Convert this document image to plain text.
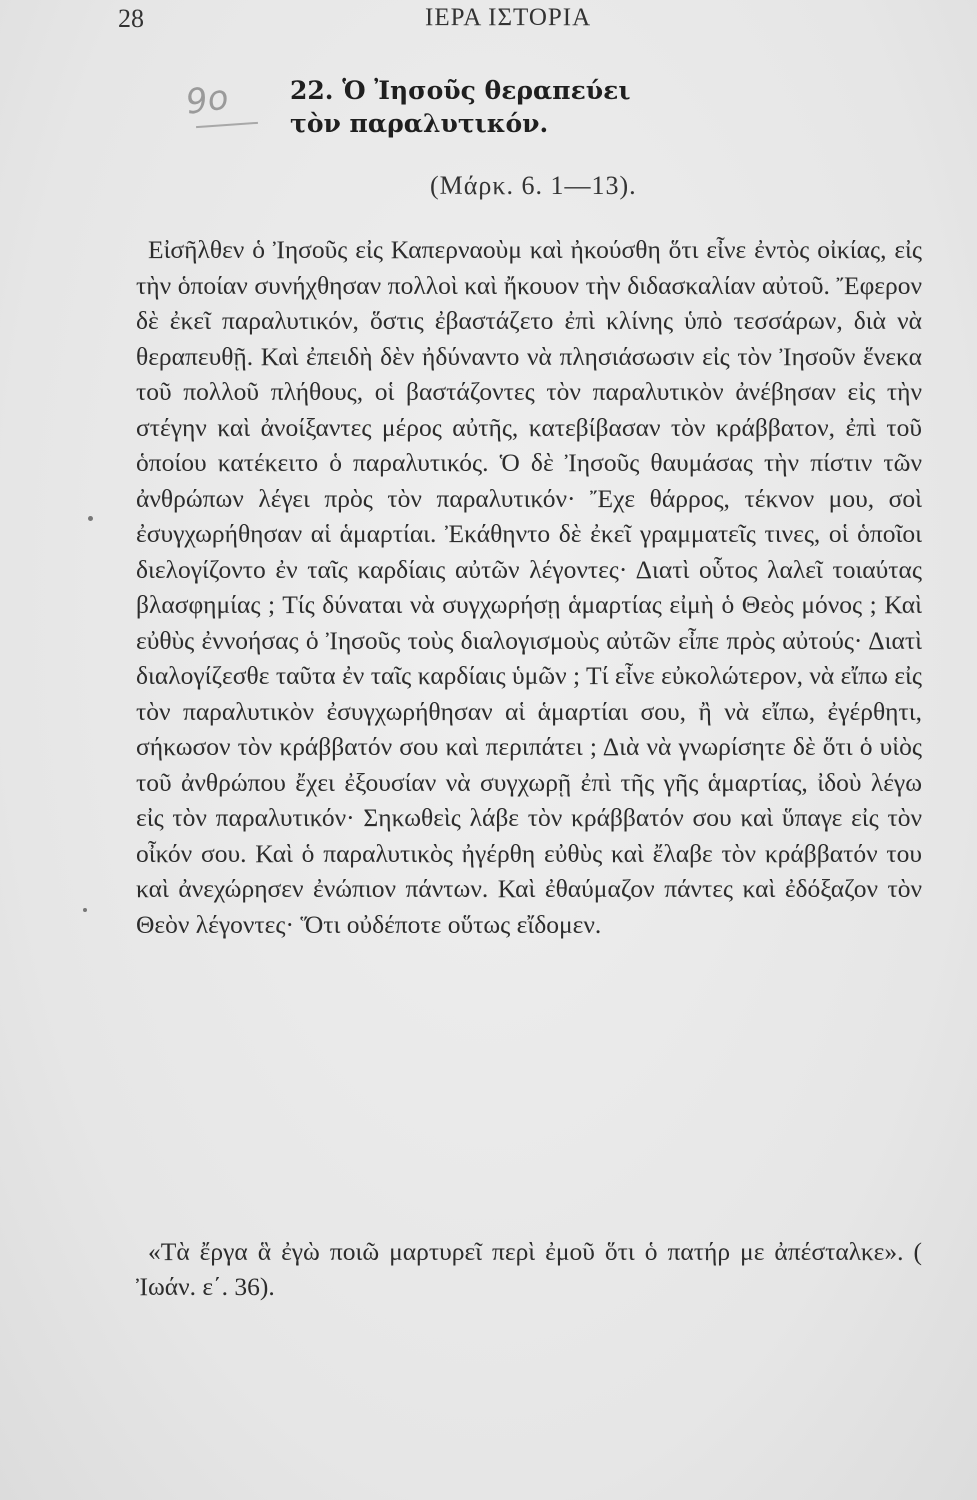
28	ΙΕΡΑ ΙΣΤΟΡΙΑ
9ο 22. Ὁ Ἰησοῦς θεραπεύει
τὸν παραλυτικόν.
(Μάρκ. 6. 1—13).

Εἰσῆλθεν ὁ Ἰησοῦς εἰς Καπερναοὺμ καὶ ἠκούσθη ὅτι εἶνε ἐντὸς οἰκίας, εἰς τὴν ὁποίαν συνήχθησαν πολλοὶ καὶ ἤκουον τὴν διδασκαλίαν αὐτοῦ. Ἔφερον δὲ ἐκεῖ παραλυτικόν, ὅστις ἐβαστάζετο ἐπὶ κλίνης ὑπὸ τεσσάρων, διὰ νὰ θεραπευθῇ. Καὶ ἐπειδὴ δὲν ἠδύναντο νὰ πλησιάσωσιν εἰς τὸν Ἰησοῦν ἕνεκα τοῦ πολλοῦ πλήθους, οἱ βαστάζοντες τὸν παραλυτικὸν ἀνέβησαν εἰς τὴν στέγην καὶ ἀνοίξαντες μέρος αὐτῆς, κατεβίβασαν τὸν κράββατον, ἐπὶ τοῦ ὁποίου κατέκειτο ὁ παραλυτικός. Ὁ δὲ Ἰησοῦς θαυμάσας τὴν πίστιν τῶν ἀνθρώπων λέγει πρὸς τὸν παραλυτικόν· Ἔχε θάρρος, τέκνον μου, σοὶ ἐσυγχωρήθησαν αἱ ἁμαρτίαι. Ἐκάθηντο δὲ ἐκεῖ γραμματεῖς τινες, οἱ ὁποῖοι διελογίζοντο ἐν ταῖς καρδίαις αὐτῶν λέγοντες· Διατὶ οὗτος λαλεῖ τοιαύτας βλασφημίας ; Τίς δύναται νὰ συγχωρήσῃ ἁμαρτίας εἰμὴ ὁ Θεὸς μόνος ; Καὶ εὐθὺς ἐννοήσας ὁ Ἰησοῦς τοὺς διαλογισμοὺς αὐτῶν εἶπε πρὸς αὐτούς· Διατὶ διαλογίζεσθε ταῦτα ἐν ταῖς καρδίαις ὑμῶν ; Τί εἶνε εὐκολώτερον, νὰ εἴπω εἰς τὸν παραλυτικὸν ἐσυγχωρήθησαν αἱ ἁμαρτίαι σου, ἢ νὰ εἴπω, ἐγέρθητι, σήκωσον τὸν κράββατόν σου καὶ περιπάτει ; Διὰ νὰ γνωρίσητε δὲ ὅτι ὁ υἱὸς τοῦ ἀνθρώπου ἔχει ἐξουσίαν νὰ συγχωρῇ ἐπὶ τῆς γῆς ἁμαρτίας, ἰδοὺ λέγω εἰς τὸν παραλυτικόν· Σηκωθεὶς λάβε τὸν κράββατόν σου καὶ ὕπαγε εἰς τὸν οἶκόν σου. Καὶ ὁ παραλυτικὸς ἠγέρθη εὐθὺς καὶ ἔλαβε τὸν κράββατόν του καὶ ἀνεχώρησεν ἐνώπιον πάντων. Καὶ ἐθαύμαζον πάντες καὶ ἐδόξαζον τὸν Θεὸν λέγοντες· Ὅτι οὐδέποτε οὕτως εἴδομεν.

«Τὰ ἔργα ἃ ἐγὼ ποιῶ μαρτυρεῖ περὶ ἐμοῦ ὅτι ὁ πατήρ με ἀπέσταλκε». ( Ἰωάν. ε΄. 36).
